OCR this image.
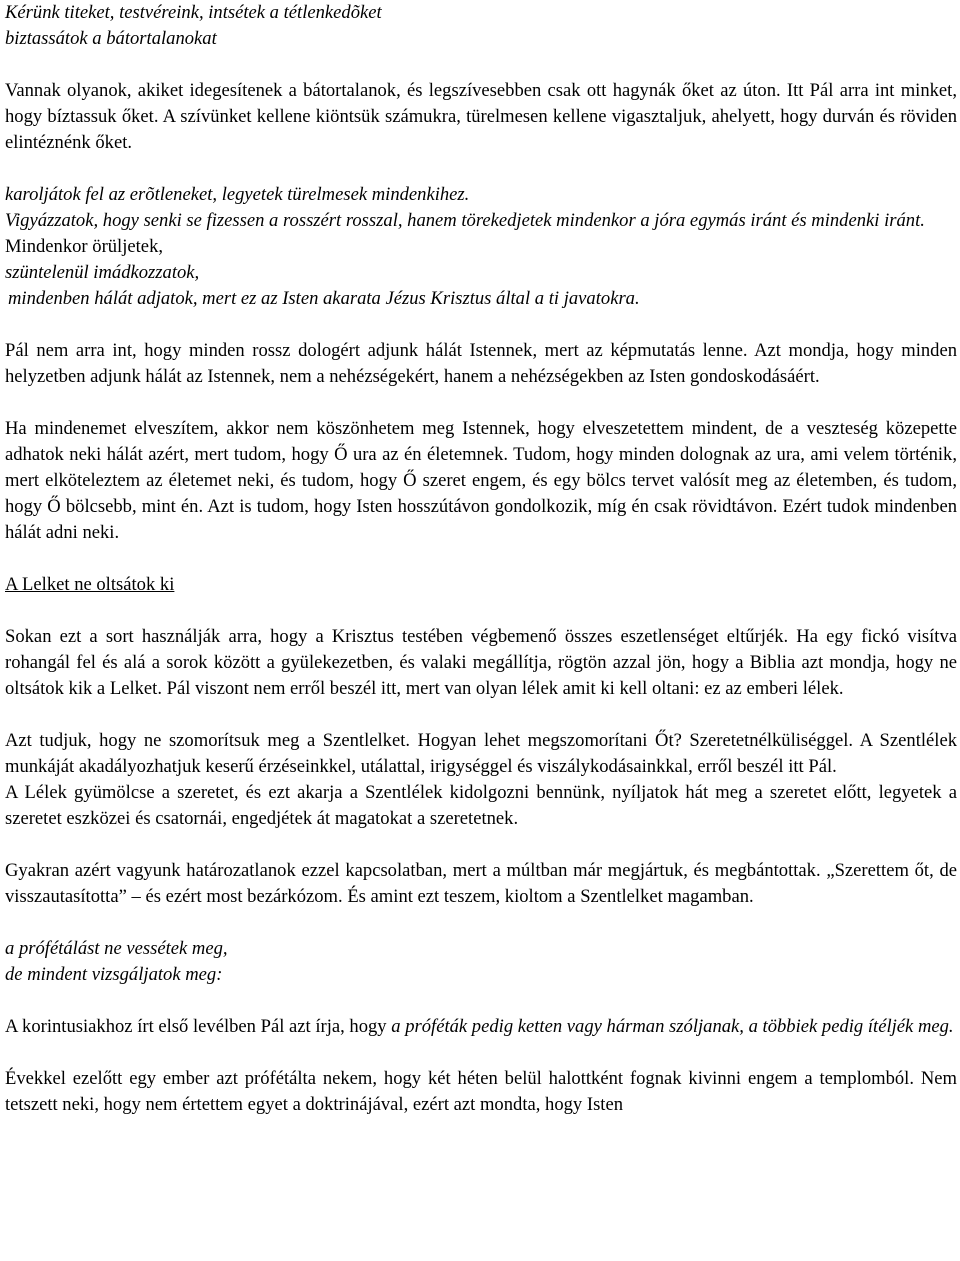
Kérünk titeket, testvéreink, intsétek a tétlenkedõket
biztassátok a bátortalanokat

Vannak olyanok, akiket idegesítenek a bátortalanok, és legszívesebben csak ott hagynák őket az úton. Itt Pál arra int minket, hogy bíztassuk őket. A szívünket kellene kiöntsük számukra, türelmesen kellene vigasztaljuk, ahelyett, hogy durván és röviden elintéznénk őket.

karoljátok fel az erõtleneket, legyetek türelmesek mindenkihez.
Vigyázzatok, hogy senki se fizessen a rosszért rosszal, hanem törekedjetek mindenkor a jóra egymás iránt és mindenki iránt.

Mindenkor örüljetek,
szüntelenül imádkozzatok,
mindenben hálát adjatok, mert ez az Isten akarata Jézus Krisztus által a ti javatokra.

Pál nem arra int, hogy minden rossz dologért adjunk hálát Istennek, mert az képmutatás lenne. Azt mondja, hogy minden helyzetben adjunk hálát az Istennek, nem a nehézségekért, hanem a nehézségekben az Isten gondoskodásáért.

Ha mindenemet elveszítem, akkor nem köszönhetem meg Istennek, hogy elveszetettem mindent, de a veszteség közepette adhatok neki hálát azért, mert tudom, hogy Ő ura az én életemnek. Tudom, hogy minden dolognak az ura, ami velem történik, mert elköteleztem az életemet neki, és tudom, hogy Ő szeret engem, és egy bölcs tervet valósít meg az életemben, és tudom, hogy Ő bölcsebb, mint én. Azt is tudom, hogy Isten hosszútávon gondolkozik, míg én csak rövidtávon. Ezért tudok mindenben hálát adni neki.

A Lelket ne oltsátok ki

Sokan ezt a sort használják arra, hogy a Krisztus testében végbemenő összes eszetlenséget eltűrjék. Ha egy fickó visítva rohangál fel és alá a sorok között a gyülekezetben, és valaki megállítja, rögtön azzal jön, hogy a Biblia azt mondja, hogy ne oltsátok kik a Lelket. Pál viszont nem erről beszél itt, mert van olyan lélek amit ki kell oltani: ez az emberi lélek.

Azt tudjuk, hogy ne szomorítsuk meg a Szentlelket. Hogyan lehet megszomorítani Őt? Szeretetnélküliséggel. A Szentlélek munkáját akadályozhatjuk keserű érzéseinkkel, utálattal, irigységgel és viszálykodásainkkal, erről beszél itt Pál.

A Lélek gyümölcse a szeretet, és ezt akarja a Szentlélek kidolgozni bennünk, nyíljatok hát meg a szeretet előtt, legyetek a szeretet eszközei és csatornái, engedjétek át magatokat a szeretetnek.

Gyakran azért vagyunk határozatlanok ezzel kapcsolatban, mert a múltban már megjártuk, és megbántottak. „Szerettem őt, de visszautasította” – és ezért most bezárkózom. És amint ezt teszem, kioltom a Szentlelket magamban.

a prófétálást ne vessétek meg,
de mindent vizsgáljatok meg:

A korintusiakhoz írt első levélben Pál azt írja, hogy a próféták pedig ketten vagy hárman szóljanak, a többiek pedig ítéljék meg.

Évekkel ezelőtt egy ember azt prófétálta nekem, hogy két héten belül halottként fognak kivinni engem a templomból. Nem tetszett neki, hogy nem értettem egyet a doktrinájával, ezért azt mondta, hogy Isten
